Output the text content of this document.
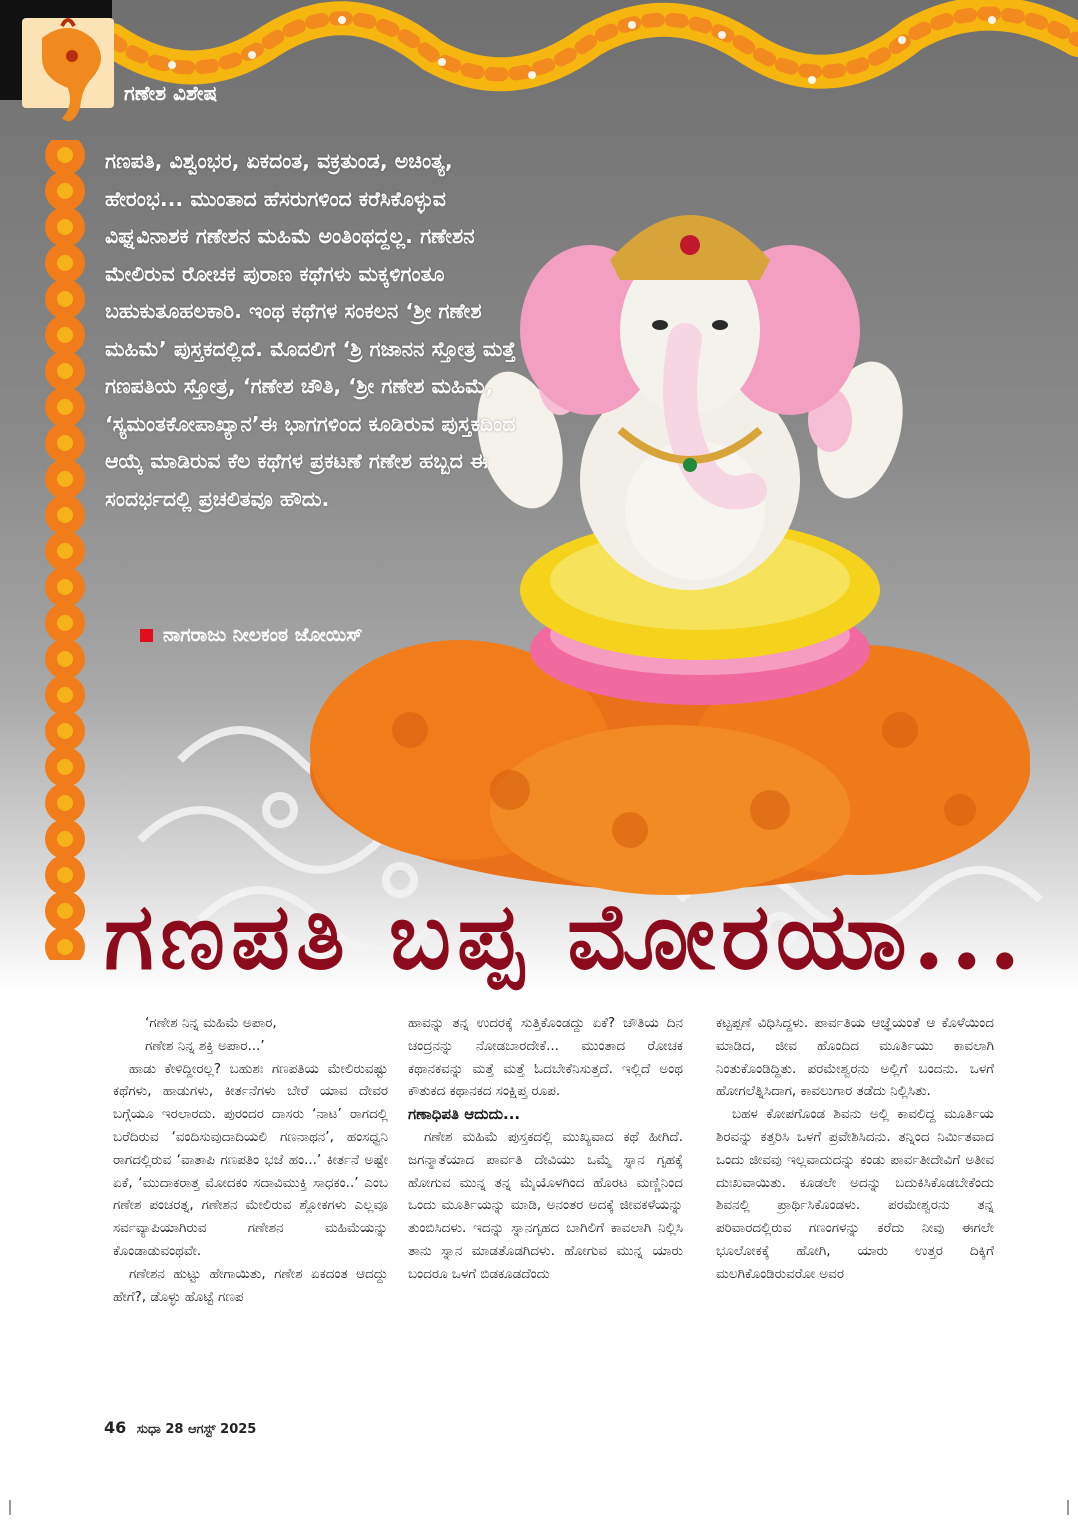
ಗಣೇಶ ವಿಶೇಷ
ಗಣಪತಿ, ವಿಶ್ವಂಭರ, ಏಕದಂತ, ವಕ್ರತುಂಡ, ಅಚಿಂತ್ಯ, ಹೇರಂಭ... ಮುಂತಾದ ಹೆಸರುಗಳಿಂದ ಕರೆಸಿಕೊಳ್ಳುವ ವಿಘ್ನವಿನಾಶಕ ಗಣೇಶನ ಮಹಿಮೆ ಅಂತಿಂಥದ್ದಲ್ಲ. ಗಣೇಶನ ಮೇಲಿರುವ ರೋಚಕ ಪುರಾಣ ಕಥೆಗಳು ಮಕ್ಕಳಿಗಂತೂ ಬಹುಕುತೂಹಲಕಾರಿ. ಇಂಥ ಕಥೆಗಳ ಸಂಕಲನ ‘ಶ್ರೀ ಗಣೇಶ ಮಹಿಮೆ’ ಪುಸ್ತಕದಲ್ಲಿದೆ. ಮೊದಲಿಗೆ ‘ಶ್ರಿ ಗಜಾನನ ಸ್ತೋತ್ರ ಮತ್ತೆ ಗಣಪತಿಯ ಸ್ತೋತ್ರ, ‘ಗಣೇಶ ಚೌತಿ, ‘ಶ್ರೀ ಗಣೇಶ ಮಹಿಮೆ, ‘ಸ್ಯಮಂತಕೋಪಾಖ್ಯಾನ’ಈ ಭಾಗಗಳಿಂದ ಕೂಡಿರುವ ಪುಸ್ತಕದಿಂದ ಆಯ್ಕೆ ಮಾಡಿರುವ ಕೆಲ ಕಥೆಗಳ ಪ್ರಕಟಣೆ ಗಣೇಶ ಹಬ್ಬದ ಈ ಸಂದರ್ಭದಲ್ಲಿ ಪ್ರಚಲಿತವೂ ಹೌದು.
ನಾಗರಾಜು ನೀಲಕಂಠ ಜೋಯಿಸ್
ಗಣಪತಿ ಬಪ್ಪ ಮೋರಯಾ...

‘ಗಣೇಶ ನಿನ್ನ ಮಹಿಮೆ ಅಪಾರ,

ಗಣೇಶ ನಿನ್ನ ಶಕ್ತಿ ಅಪಾರ...’

ಹಾಡು ಕೇಳಿದ್ದೀರಲ್ಲ? ಬಹುಶಃ ಗಣಪತಿಯ ಮೇಲಿರುವಷ್ಟು ಕಥೆಗಳು, ಹಾಡುಗಳು, ಕೀರ್ತನೆಗಳು ಬೇರೆ ಯಾವ ದೇವರ ಬಗ್ಗೆಯೂ ಇರಲಾರದು. ಪುರಂದರ ದಾಸರು ‘ನಾಟ’ ರಾಗದಲ್ಲಿ ಬರೆದಿರುವ ‘ವಂದಿಸುವುದಾದಿಯಲಿ ಗಣನಾಥನ’, ಹಂಸಧ್ವನಿ ರಾಗದಲ್ಲಿರುವ ‘ವಾತಾಪಿ ಗಣಪತಿಂ ಭಜೆ ಹಂ...’ ಕೀರ್ತನೆ ಅಷ್ಟೇ ಏಕೆ, ‘ಮುದಾಕರಾತ್ತ ಮೋದಕಂ ಸದಾವಿಮುಕ್ತಿ ಸಾಧಕಂ..’ ಎಂಬ ಗಣೇಶ ಪಂಚರತ್ನ, ಗಣೇಶನ ಮೇಲಿರುವ ಶ್ಲೋಕಗಳು ಎಲ್ಲವೂ ಸರ್ವವ್ಯಾಪಿಯಾಗಿರುವ ಗಣೇಶನ ಮಹಿಮೆಯನ್ನು ಕೊಂಡಾಡುವಂಥವೇ.

ಗಣೇಶನ ಹುಟ್ಟು ಹೇಗಾಯಿತು, ಗಣೇಶ ಏಕದಂತ ಆದದ್ದು ಹೇಗೆ?, ಡೊಳ್ಳು ಹೊಟ್ಟೆ ಗಣಪ

ಹಾವನ್ನು ತನ್ನ ಉದರಕ್ಕೆ ಸುತ್ತಿಕೊಂಡದ್ದು ಏಕೆ? ಚೌತಿಯ ದಿನ ಚಂದ್ರನನ್ನು ನೋಡಬಾರದೇಕೆ... ಮುಂತಾದ ರೋಚಕ ಕಥಾನಕವನ್ನು ಮತ್ತೆ ಮತ್ತೆ ಓದಬೇಕೆನಿಸುತ್ತದೆ. ಇಲ್ಲಿದೆ ಅಂಥ ಕೌತುಕದ ಕಥಾನಕದ ಸಂಕ್ಷಿಪ್ತ ರೂಪ.

ಗಣಾಧಿಪತಿ ಆದುದು...

ಗಣೇಶ ಮಹಿಮೆ ಪುಸ್ತಕದಲ್ಲಿ ಮುಖ್ಯವಾದ ಕಥೆ ಹೀಗಿದೆ. ಜಗನ್ಮಾತೆಯಾದ ಪಾರ್ವತಿ ದೇವಿಯು ಒಮ್ಮೆ ಸ್ನಾನ ಗೃಹಕ್ಕೆ ಹೋಗುವ ಮುನ್ನ ತನ್ನ ಮೈಯೊಳಗಿಂದ ಹೊರಟ ಮಣ್ಣಿನಿಂದ ಒಂದು ಮೂರ್ತಿಯನ್ನು ಮಾಡಿ, ಅನಂತರ ಅದಕ್ಕೆ ಜೀವಕಳೆಯನ್ನು ತುಂಬಿಸಿದಳು. ಇದನ್ನು ಸ್ನಾನಗೃಹದ ಬಾಗಿಲಿಗೆ ಕಾವಲಾಗಿ ನಿಲ್ಲಿಸಿ ತಾನು ಸ್ನಾನ ಮಾಡತೊಡಗಿದಳು. ಹೋಗುವ ಮುನ್ನ ಯಾರು ಬಂದರೂ ಒಳಗೆ ಬಿಡಕೂಡದೆಂದು

ಕಟ್ಟಪ್ಪಣೆ ವಿಧಿಸಿದ್ದಳು. ಪಾರ್ವತಿಯ ಆಜ್ಞೆಯಂತೆ ಆ ಕೊಳೆಯಿಂದ ಮಾಡಿದ, ಜೀವ ಹೊಂದಿದ ಮೂರ್ತಿಯು ಕಾವಲಾಗಿ ನಿಂತುಕೊಂಡಿದ್ದಿತು. ಪರಮೇಶ್ವರನು ಅಲ್ಲಿಗೆ ಬಂದನು. ಒಳಗೆ ಹೋಗಲೆತ್ನಿಸಿದಾಗ, ಕಾವಲುಗಾರ ತಡೆದು ನಿಲ್ಲಿಸಿತು.

ಬಹಳ ಕೋಪಗೊಂಡ ಶಿವನು ಅಲ್ಲಿ ಕಾವಲಿದ್ದ ಮೂರ್ತಿಯ ಶಿರವನ್ನು ಕತ್ತರಿಸಿ ಒಳಗೆ ಪ್ರವೇಶಿಸಿದನು. ತನ್ನಿಂದ ನಿರ್ಮಿತವಾದ ಒಂದು ಜೀವವು ಇಲ್ಲವಾದುದನ್ನು ಕಂಡು ಪಾರ್ವತೀದೇವಿಗೆ ಅತೀವ ದುಃಖವಾಯಿತು. ಕೂಡಲೇ ಅದನ್ನು ಬದುಕಿಸಿಕೊಡಬೇಕೆಂದು ಶಿವನಲ್ಲಿ ಪ್ರಾರ್ಥಿಸಿಕೊಂಡಳು. ಪರಮೇಶ್ವರನು ತನ್ನ ಪರಿವಾರದಲ್ಲಿರುವ ಗಣಂಗಳನ್ನು ಕರೆದು ನೀವು ಈಗಲೇ ಭೂಲೋಕಕ್ಕೆ ಹೋಗಿ, ಯಾರು ಉತ್ತರ ದಿಕ್ಕಿಗೆ ಮಲಗಿಕೊಂಡಿರುವರೋ ಅವರ

46 ಸುಧಾ 28 ಆಗಸ್ಟ್ 2025
